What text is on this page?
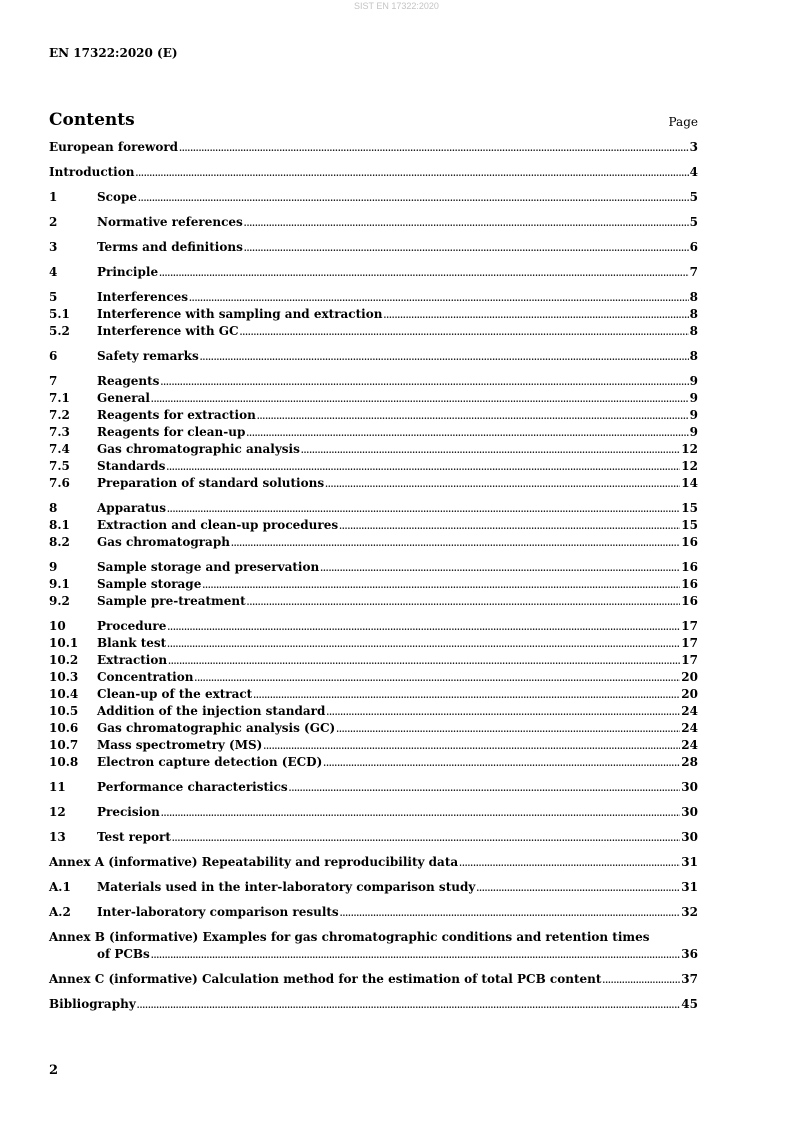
SIST EN 17322:2020
EN 17322:2020 (E)
Contents	Page
European foreword .....	3
Introduction .....	4
1	Scope .....	5
2	Normative references .....	5
3	Terms and definitions .....	6
4	Principle .....	7
5	Interferences .....	8
5.1	Interference with sampling and extraction .....	8
5.2	Interference with GC .....	8
6	Safety remarks .....	8
7	Reagents .....	9
7.1	General .....	9
7.2	Reagents for extraction .....	9
7.3	Reagents for clean-up .....	9
7.4	Gas chromatographic analysis .....	12
7.5	Standards .....	12
7.6	Preparation of standard solutions .....	14
8	Apparatus .....	15
8.1	Extraction and clean-up procedures .....	15
8.2	Gas chromatograph .....	16
9	Sample storage and preservation .....	16
9.1	Sample storage .....	16
9.2	Sample pre-treatment .....	16
10	Procedure .....	17
10.1	Blank test .....	17
10.2	Extraction .....	17
10.3	Concentration .....	20
10.4	Clean-up of the extract .....	20
10.5	Addition of the injection standard .....	24
10.6	Gas chromatographic analysis (GC) .....	24
10.7	Mass spectrometry (MS) .....	24
10.8	Electron capture detection (ECD) .....	28
11	Performance characteristics .....	30
12	Precision .....	30
13	Test report .....	30
Annex A (informative) Repeatability and reproducibility data .....	31
A.1	Materials used in the inter-laboratory comparison study .....	31
A.2	Inter-laboratory comparison results .....	32
Annex B (informative) Examples for gas chromatographic conditions and retention times
of PCBs .....	36
Annex C (informative) Calculation method for the estimation of total PCB content .....	37
Bibliography .....	45
2
